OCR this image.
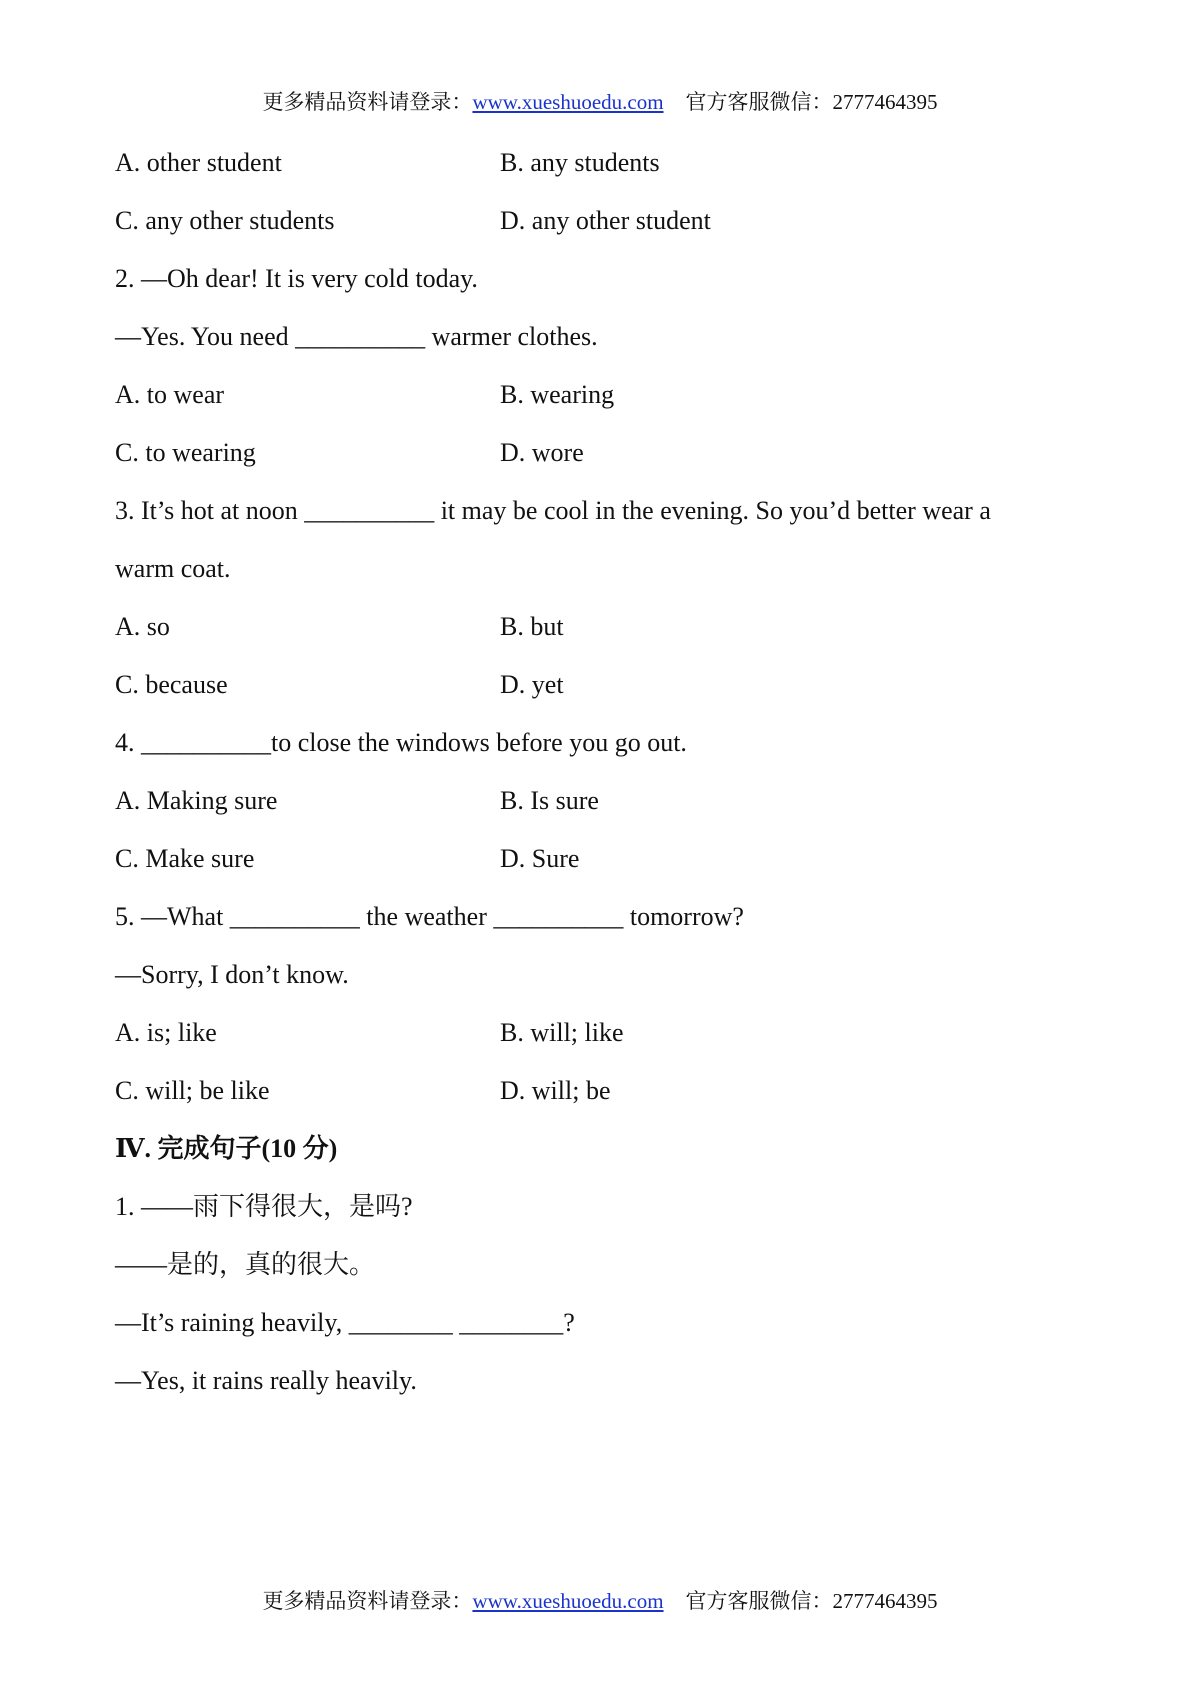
更多精品资料请登录：www.xueshuoedu.com 官方客服微信：2777464395
A. other student	B. any students
C. any other students	D. any other student
2. —Oh dear! It is very cold today.
—Yes. You need __________ warmer clothes.
A. to wear	B. wearing
C. to wearing	D. wore
3. It’s hot at noon __________ it may be cool in the evening. So you’d better wear a
warm coat.
A. so	B. but
C. because	D. yet
4. __________to close the windows before you go out.
A. Making sure	B. Is sure
C. Make sure	D. Sure
5. —What __________ the weather __________ tomorrow?
—Sorry, I don’t know.
A. is; like	B. will; like
C. will; be like	D. will; be
Ⅳ. 完成句子(10 分)
1. ——雨下得很大，是吗?
——是的，真的很大。
—It’s raining heavily, ________ ________?
—Yes, it rains really heavily.
更多精品资料请登录：www.xueshuoedu.com 官方客服微信：2777464395
